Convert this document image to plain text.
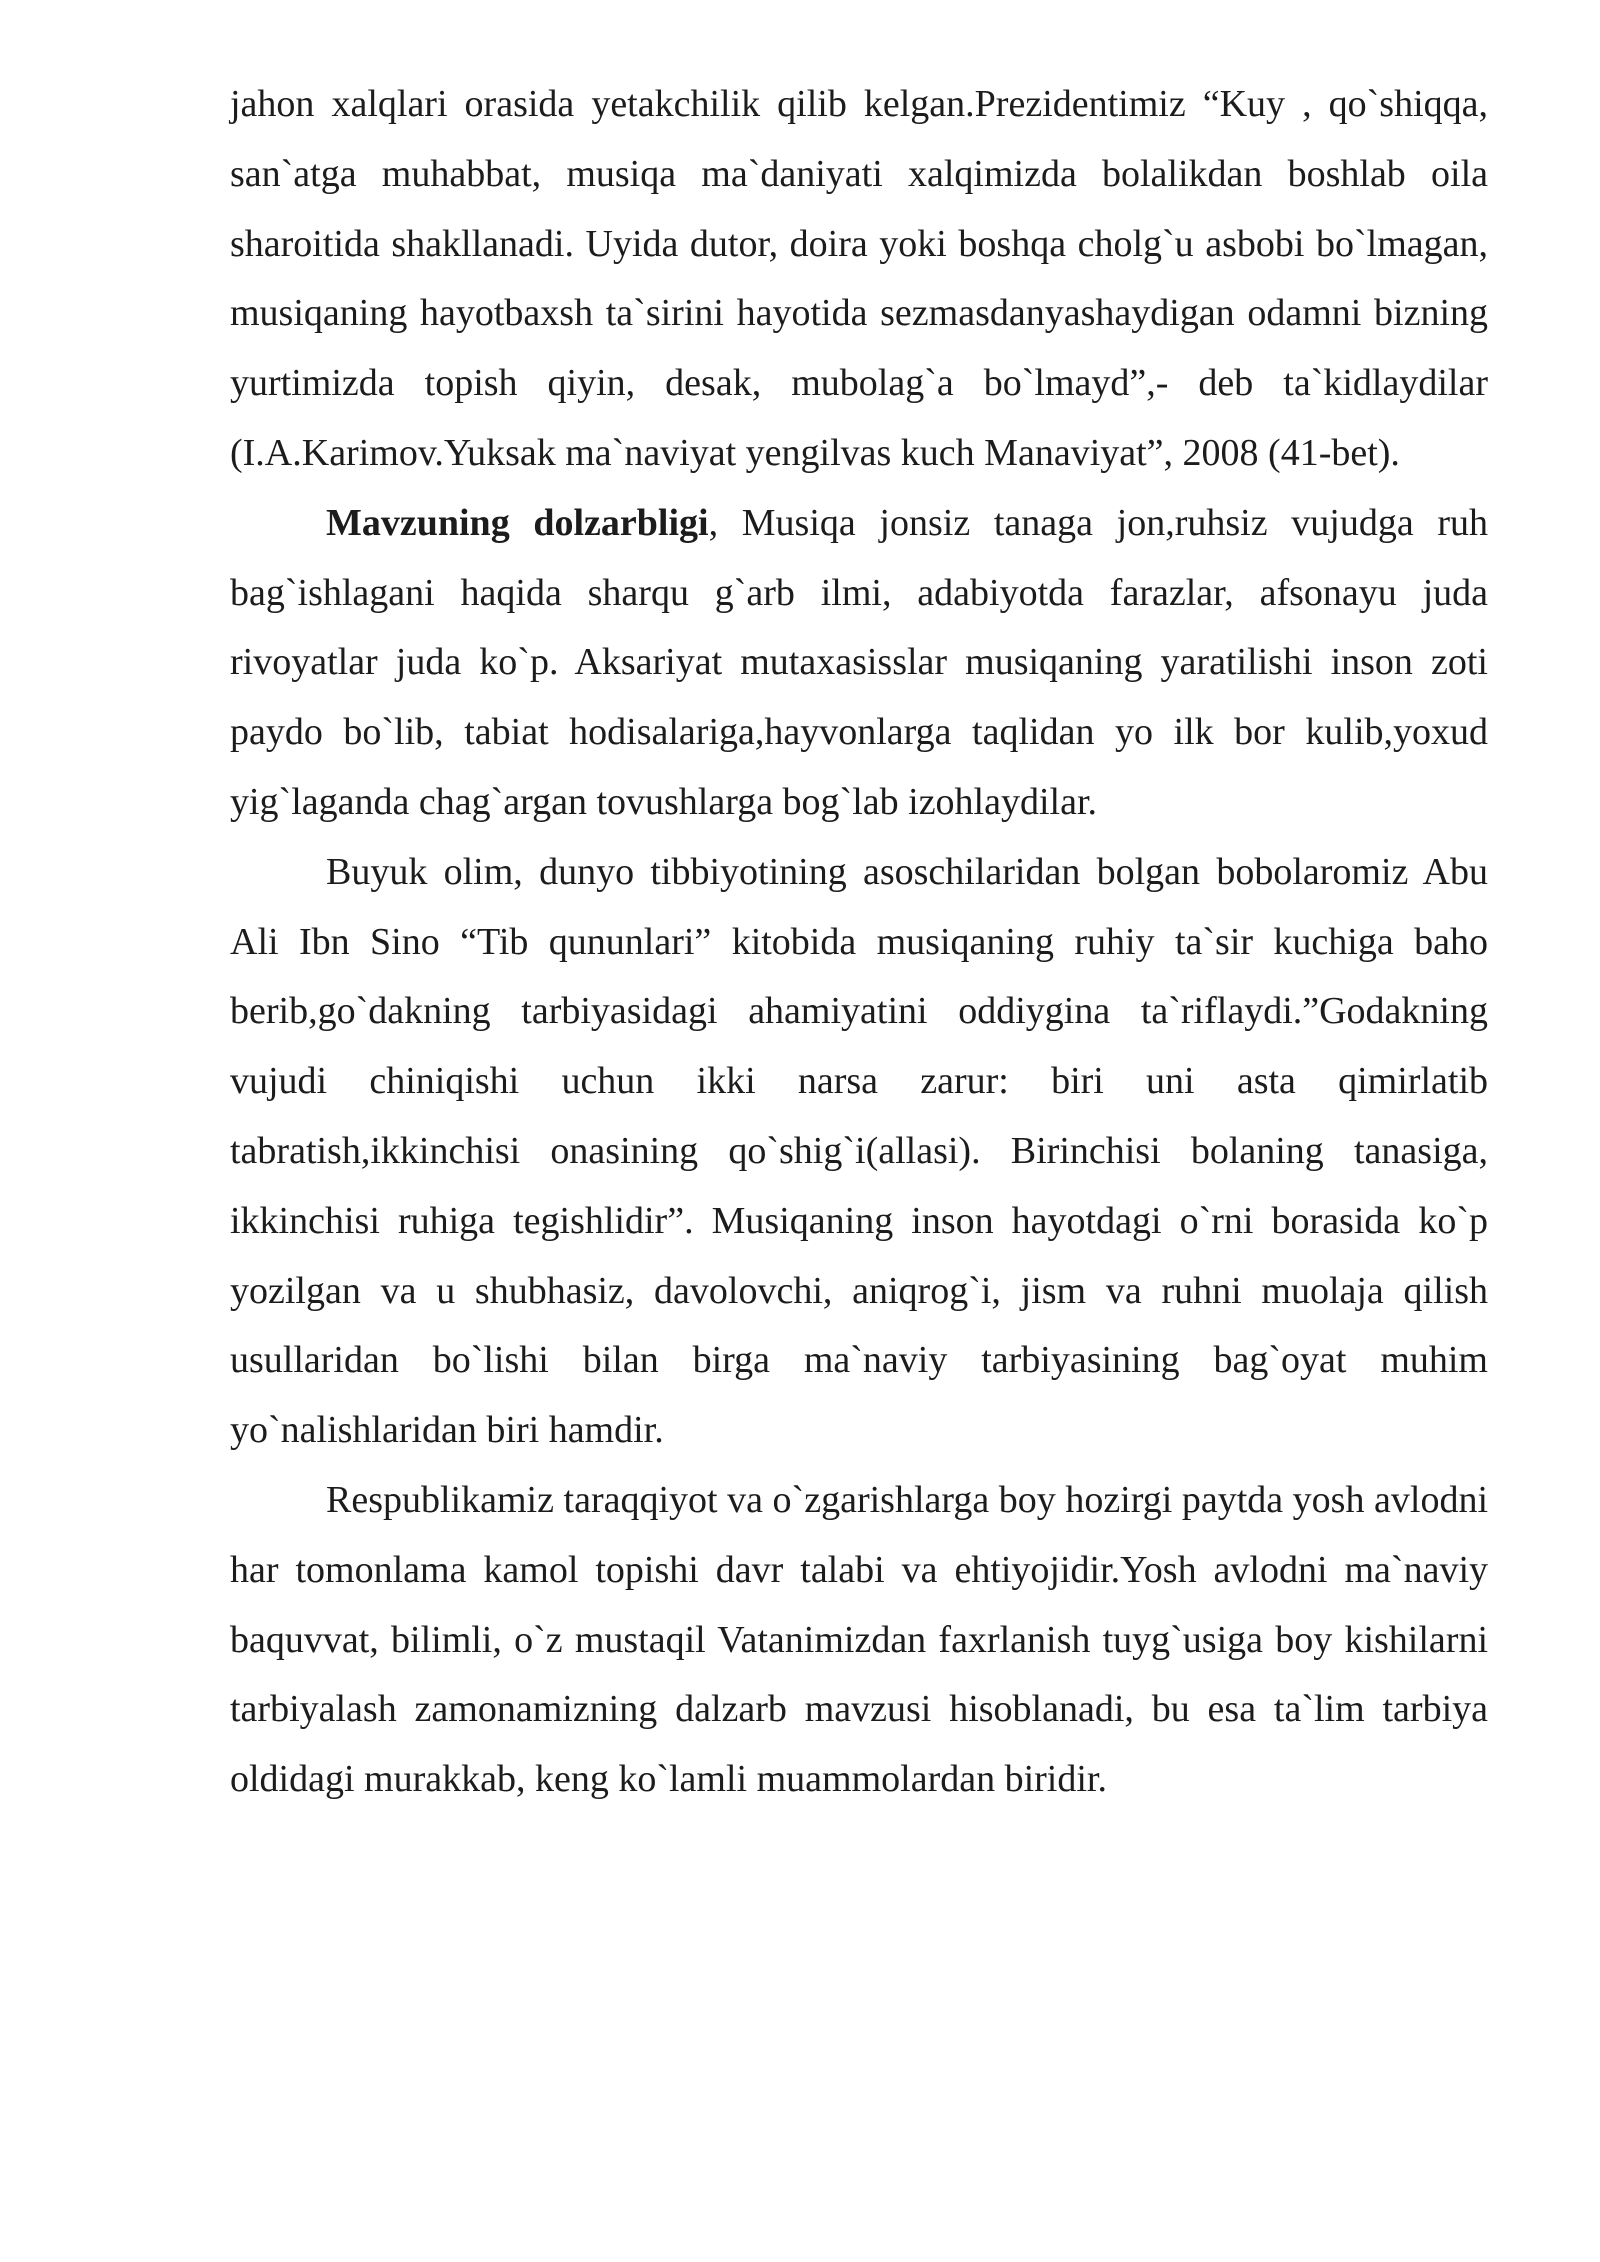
jahon xalqlari orasida yetakchilik qilib kelgan.Prezidentimiz “Kuy , qo`shiqqa, san`atga muhabbat, musiqa ma`daniyati xalqimizda bolalikdan boshlab oila sharoitida shakllanadi. Uyida dutor, doira yoki boshqa cholg`u asbobi bo`lmagan, musiqaning hayotbaxsh ta`sirini hayotida sezmasdanyashaydigan odamni bizning yurtimizda topish qiyin, desak, mubolag`a bo`lmayd”,- deb ta`kidlaydilar (I.A.Karimov.Yuksak ma`naviyat yengilvas kuch Manaviyat”, 2008 (41-bet).

Mavzuning dolzarbligi, Musiqa jonsiz tanaga jon,ruhsiz vujudga ruh bag`ishlagani haqida sharqu g`arb ilmi, adabiyotda farazlar, afsonayu juda rivoyatlar juda ko`p. Aksariyat mutaxasisslar musiqaning yaratilishi inson zoti paydo bo`lib, tabiat hodisalariga,hayvonlarga taqlidan yo ilk bor kulib,yoxud yig`laganda chag`argan tovushlarga bog`lab izohlaydilar.

Buyuk olim, dunyo tibbiyotining asoschilaridan bolgan bobolaromiz Abu Ali Ibn Sino “Tib qununlari” kitobida musiqaning ruhiy ta`sir kuchiga baho berib,go`dakning tarbiyasidagi ahamiyatini oddiygina ta`riflaydi.”Godakning vujudi chiniqishi uchun ikki narsa zarur: biri uni asta qimirlatib tabratish,ikkinchisi onasining qo`shig`i(allasi). Birinchisi bolaning tanasiga, ikkinchisi ruhiga tegishlidir”. Musiqaning inson hayotdagi o`rni borasida ko`p yozilgan va u shubhasiz, davolovchi, aniqrog`i, jism va ruhni muolaja qilish usullaridan bo`lishi bilan birga ma`naviy tarbiyasining bag`oyat muhim yo`nalishlaridan biri hamdir.

Respublikamiz taraqqiyot va o`zgarishlarga boy hozirgi paytda yosh avlodni har tomonlama kamol topishi davr talabi va ehtiyojidir.Yosh avlodni ma`naviy baquvvat, bilimli, o`z mustaqil Vatanimizdan faxrlanish tuyg`usiga boy kishilarni tarbiyalash zamonamizning dalzarb mavzusi hisoblanadi, bu esa ta`lim tarbiya oldidagi murakkab, keng ko`lamli muammolardan biridir.
